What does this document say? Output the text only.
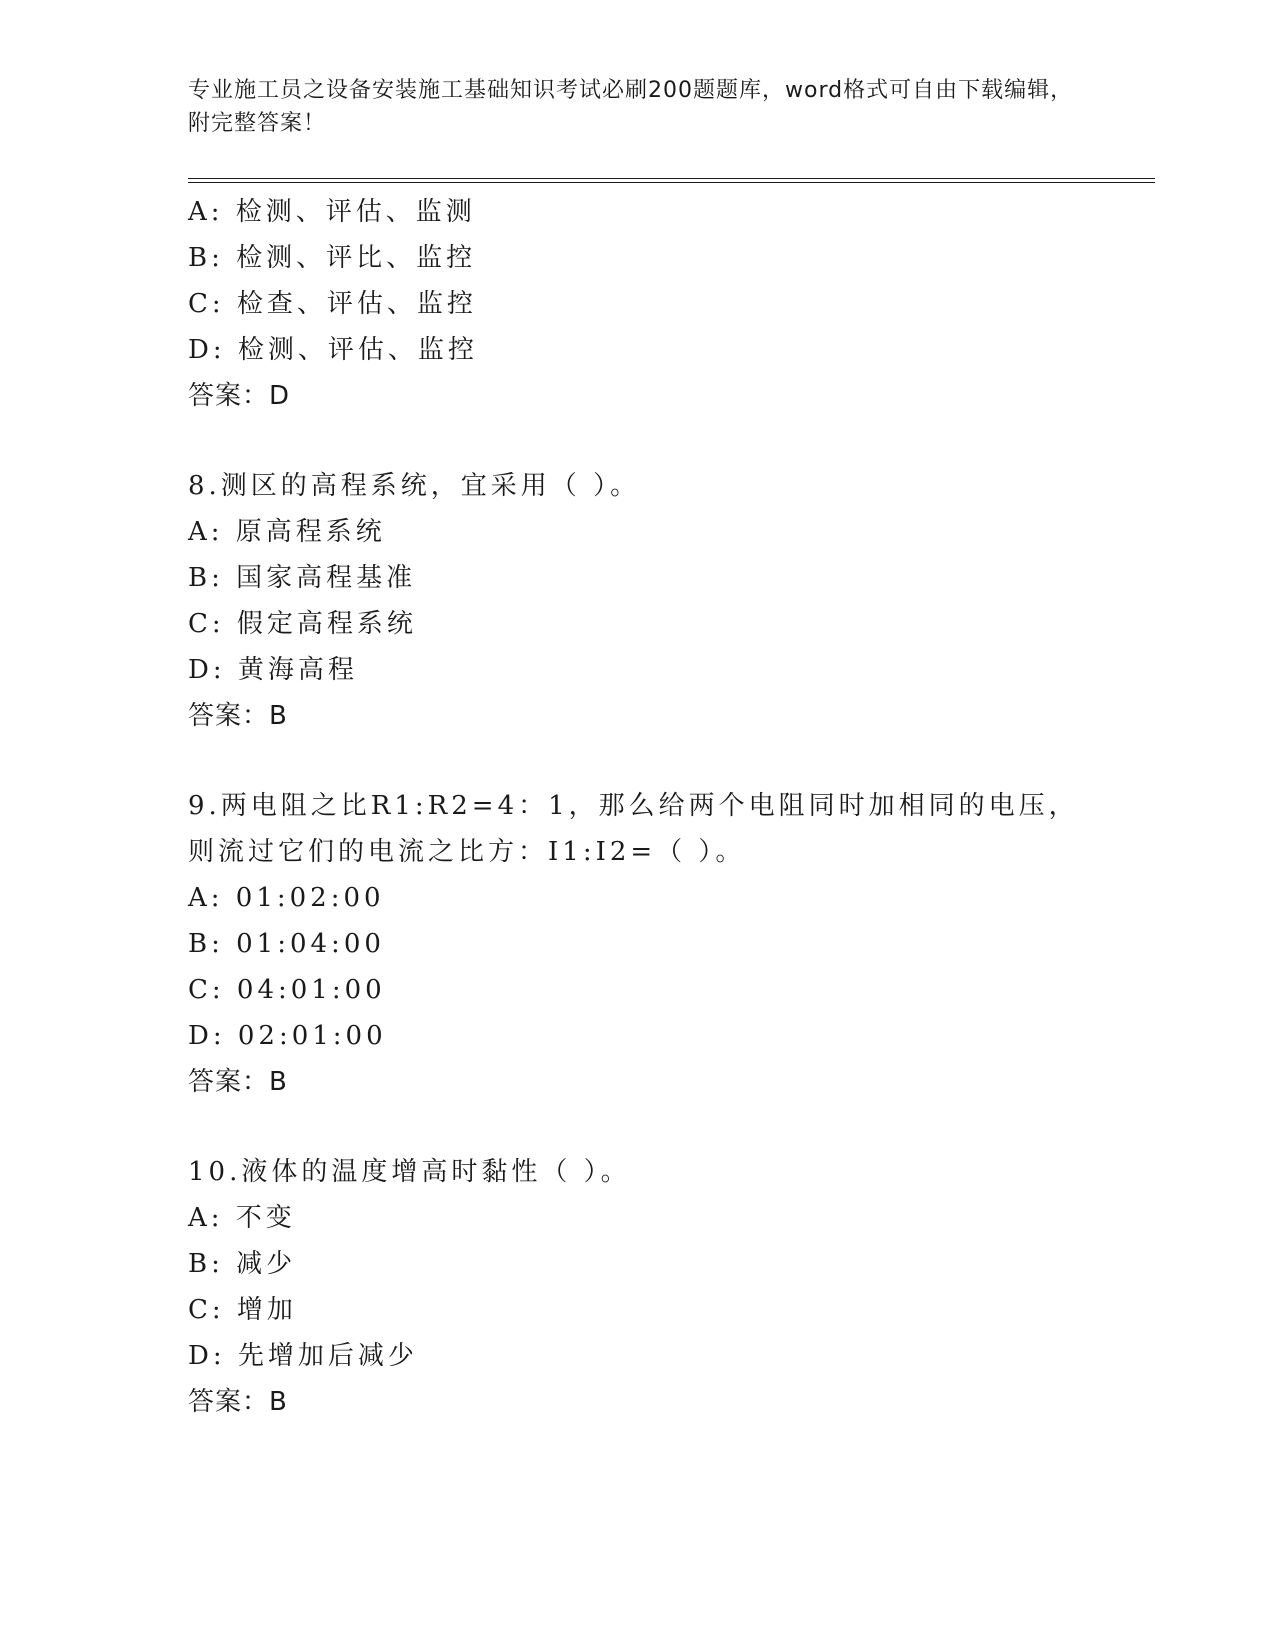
专业施工员之设备安装施工基础知识考试必刷200题题库，word格式可自由下载编辑，附完整答案！
A: 检测、评估、监测
B: 检测、评比、监控
C: 检查、评估、监控
D: 检测、评估、监控
答案：D
8.测区的高程系统，宜采用（ ）。
A: 原高程系统
B: 国家高程基准
C: 假定高程系统
D: 黄海高程
答案：B
9.两电阻之比R1:R2=4：1，那么给两个电阻同时加相同的电压，则流过它们的电流之比方：I1:I2=（ ）。
A: 01:02:00
B: 01:04:00
C: 04:01:00
D: 02:01:00
答案：B
10.液体的温度增高时黏性（ ）。
A: 不变
B: 减少
C: 增加
D: 先增加后减少
答案：B
